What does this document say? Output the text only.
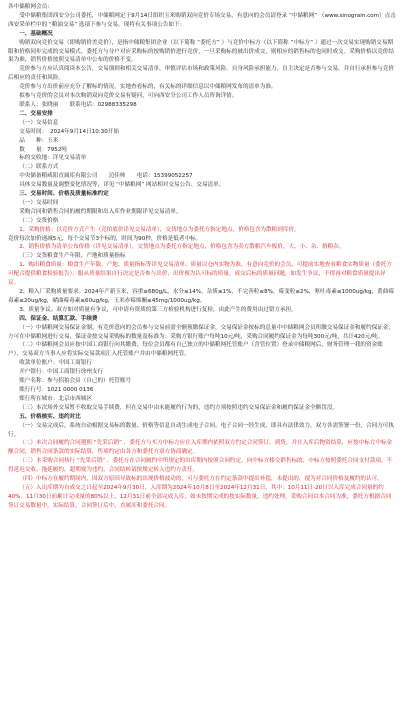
各中储粮网会员：

受中储粮集团西安分公司委托，中储粮网定于9月14日组织玉米购销双向竞价专场交易，有意向的会员请登录 “中储粮网” （www.sinograin.com）点击西安采单栏中的 “粮油交易” 选项下参与交易。现将有关事项公告如下：

一、基础概况

购销双向竞价交易（即购销价差竞价），是指中储粮集团企业（以下简称 “委托方” ）与竞价中标方（以下简称 “中标方” ）通过一次交易实现购销交易期限和价格同步完成的交易模式。委托方与分户对应采购标的按购销价进行竞价，一旦采购标的被出价成交，则相应的销售标的也同时成交。采购价格以竞价结果为准，销售价格按照交易清单中公布的价格不变。

竞价参与方应认真阅读本公告，交易细则和相关交易清单，审慎评估市场和政策风险、自身风险承担能力，自主决定是否参与交易，并自行承担参与竞价后相应的责任和风险。

竞价参与方出价前应充分了解标的情况，实地查看标的，有关标的详细信息以中储粮网发布的清单为准。

拟参与竞价的会员对本次购销双向竞价交易有疑问，可向西安分公司工作人员咨询详情。

联系人：张晓丽　　联系电话：02988335298

二、交易安排

（一）交易信息

交易时间：　2024年9月14日10:30开始

品　　种：玉米

数　　量：7952吨

标的交收地：详见交易清单

（二）联系方式

中央储备粮咸阳直属库有限公司　　边佳帅　　电话：15399052257

具体交易数量及调整变化情况等，详见 “中储粮网” 网站相对交易公告、交易清单。

三、交易时间、价格及质量标准约定

（一）交易时间

采购合同和销售合同的履约期限和出入库作业期限详见交易清单。

（二）交货价格

1、采购价格：以竞价方式产生（竞拍底价详见交易清单），交货地点为委托方指定地点，价格包含为散粮到库价。

竞价每次加价递减5元，每个交易节3个标的，时间为90秒，价格是低者中标。

2、销售价格为清单公布价格（详见交易清单），交货地点为委托方指定地点，价格包含为卖方散粮汽车板价，大、小、杂、熔粮杂。

（三）交货粮食生产年限、产地和质量指标

1、购出粮食质量：粮食生产年限、产地、质量指标等详见交易清单。质量以仓内实物为准，有意向竞价的会员，可提前实地查看粮食实物质量（委托方可配合提供粮食检验报告），服从质量结果自行决定是否参与出价，出价视为认可标的质量，成交后标的质量问题，如发生争议，不得再对粮食质量提出异议。

2、粮入厂采购质量要求。2024年产新玉米，容重≥680g/L，水分≤14%，杂质≤1%，不完善粒≤8%，霉变粒≤2%，呕吐毒素≤1000ug/kg，黄曲霉毒素≤20ug/kg，赭曲霉毒素≤60ug/kg，玉米赤霉烯酮≤45mg/1000ug/kg。

3、质量争议。双方如对质量有争议，可申请有资质的第三方检验机构进行复检，由此产生的费用由过错方承担。

四、保证金、结算汇款、手续费

（一）中储粮网交易保证金制。有竞价意向的会员参与交易前需全额预缴保证金，交易保证金按标的总量中中储粮网会员所缴交易保证金和履约保证金，方可在中储粮网进行交易，保证金按交易采购标的数量及标准为：采购方银行账户每吨10元/吨，采购合同履约保证金为每吨300元/吨，共计420元/吨。

（二）中储粮网会员应按中国工商银行向其缴费，每位会员都有自己独立的中储粮网托管账户（含管位置）登录中储粮网后，财务管理一我的资金账户），交易双方当事人应将实际交易款项汇入托管账户并由中储粮网托管。

收款单位账户：中国工商银行

开户银行：中国工商银行徐州支行

账户名称：参与招拍会员（自己的）托管账号

账行行号：1021 0000 0136

账行所在城市：北京市西城区

（三）本次场外交易暂不收取交易手续费，但在交易中由未能履约行为的，违约方须按照违约交易保证金和履约保证金全额罚没。

五、价格核实、违约对比

（一）交易完成后，系统自动根据交易标的数量、价格等信息自动生成电子合同。电子合同一经生成，即具有法律效力。双方各需签署一份，合同方可执行。

（二）本次合同履约合同遵照 “先采后销” ，委托方与买方中标方应在入库期内依照双方约定合同签订、到货，并在入库后物资结算，应按中标方中标金额合同，销售合同条款的实际结算，售项约定由各方和委托方双方协商确定。

（三）本采购合同执行 “先采后销” 。委托方在合同履约中所规定的出库期内按照合同约定，向中标方移交销售标的，中标方按照委托合同支付款项，不得延迟交收、拖延履约，超期视为违约，合同结转请按规定转入违约方责任。

（四）中标方在履约期间内，因双方原因导致标的出现价格波动的，可与委托方在约定条款中提出补偿，未提出的，视为对合同价格及履约的认可。

（五）入出库期为自成交之日起至2024年9月30日，入库期为2024年10月8日至2024年12月31日。其中：10月11日-20日以入库完成合同量的约40%，11月30日前累计完成量的80%以上，12月31日前全部完成入库，如未按期完成的按实际数量，违约处理。采购合同以本合同为准，委托方根据合同签订交易数量中，实际结算，合同签订后中，直属库和委托合同。
